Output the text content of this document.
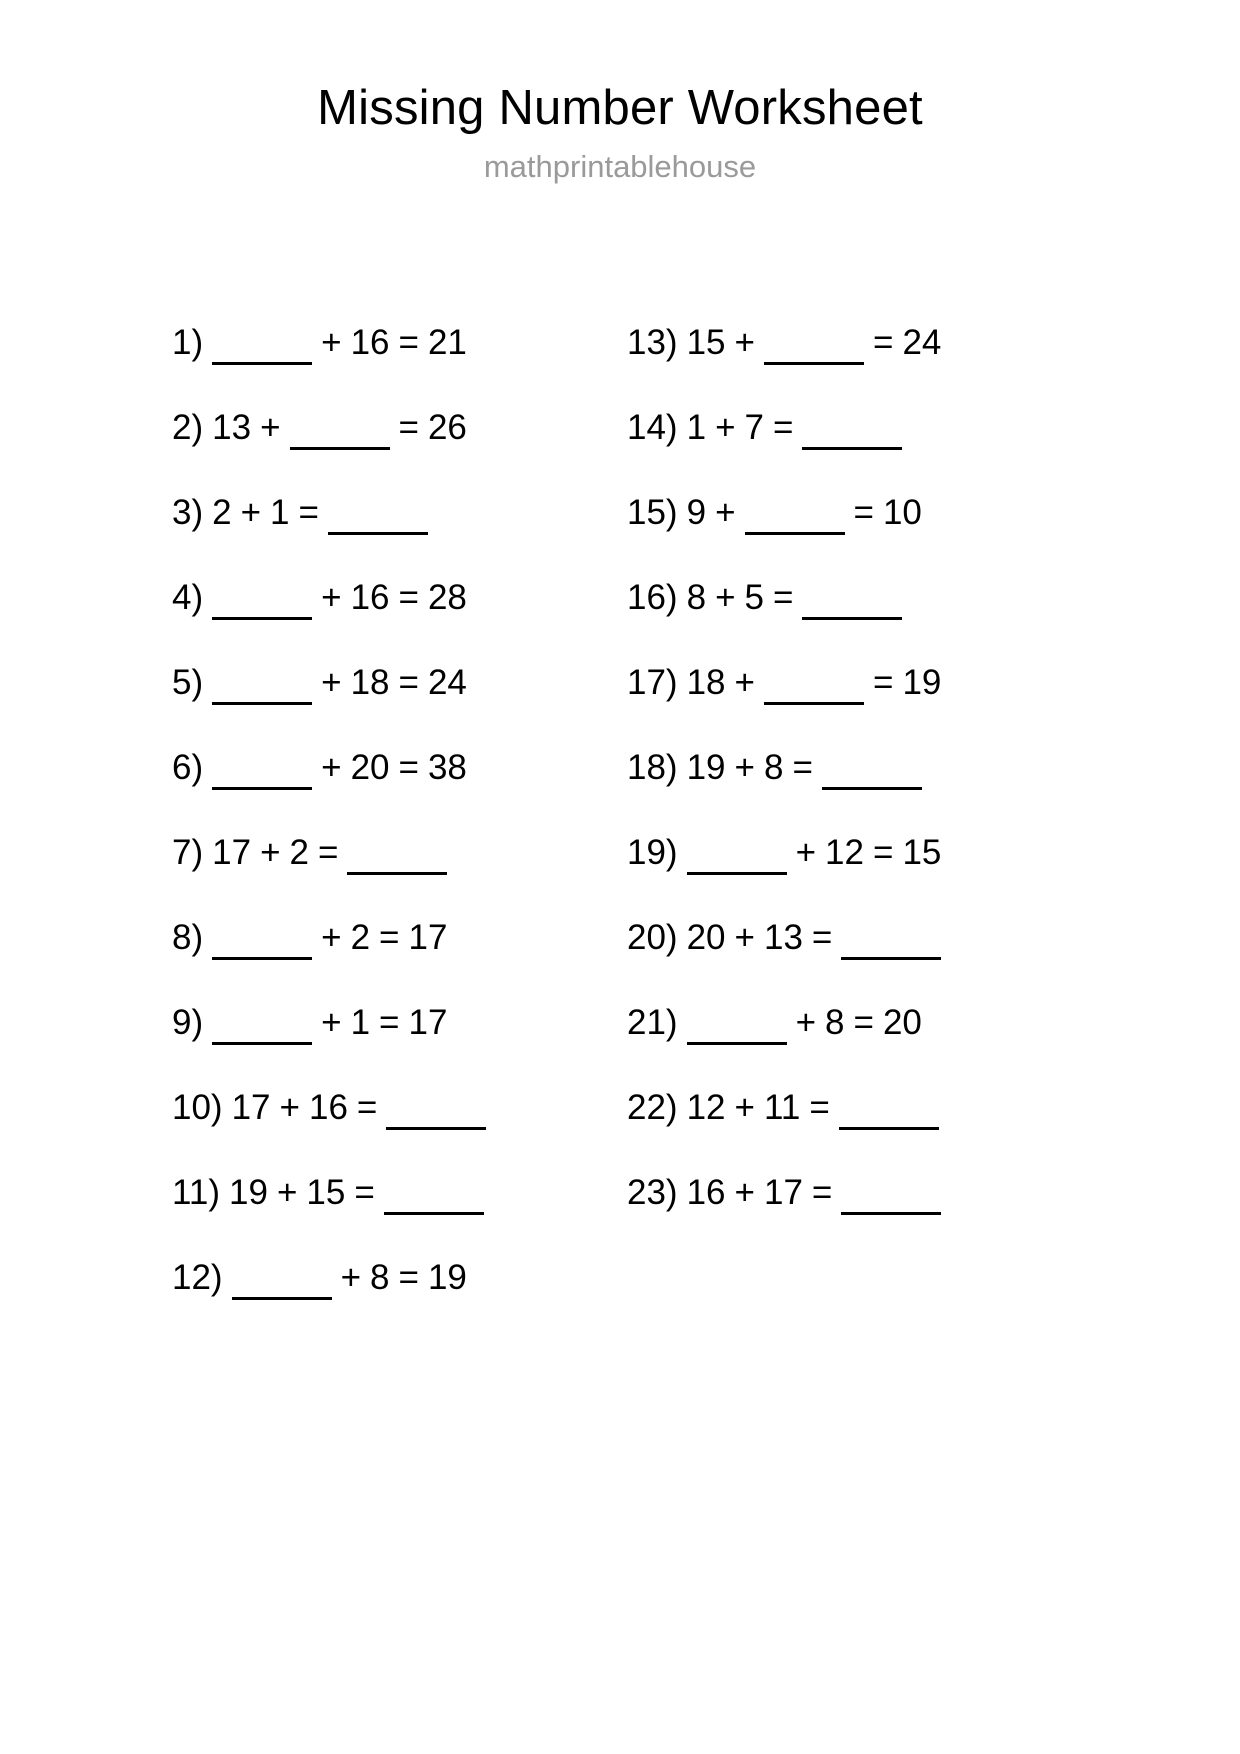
Missing Number Worksheet
mathprintablehouse
1)	+ 16 = 21
2) 13 +	= 26
3) 2 + 1 =
4)	+ 16 = 28
5)	+ 18 = 24
6)	+ 20 = 38
7) 17 + 2 =
8)	+ 2 = 17
9)	+ 1 = 17
10) 17 + 16 =
11) 19 + 15 =
12)	+ 8 = 19
13) 15 +	= 24
14) 1 + 7 =
15) 9 +	= 10
16) 8 + 5 =
17) 18 +	= 19
18) 19 + 8 =
19)	+ 12 = 15
20) 20 + 13 =
21)	+ 8 = 20
22) 12 + 11 =
23) 16 + 17 =
